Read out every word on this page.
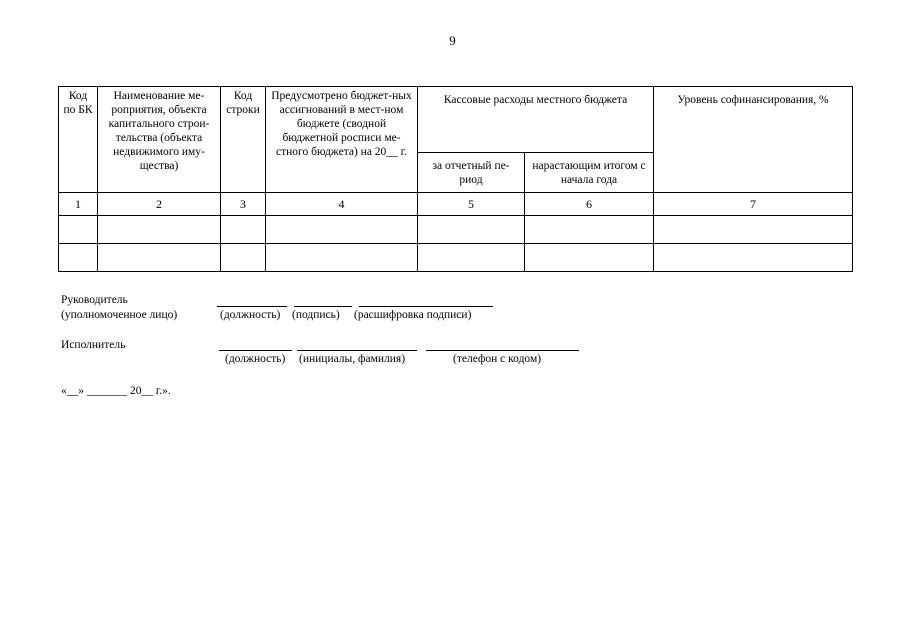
9
Код по БК	Наименование ме-роприятия, объекта капитального строи-тельства (объекта недвижимого иму-щества)	Код строки	Предусмотрено бюджет-ных ассигнований в мест-ном бюджете (сводной бюджетной росписи ме-стного бюджета) на 20__ г.	Кассовые расходы местного бюджета		Уровень софинансирования, %
				за отчетный пе-риод	нарастающим итогом с начала года	
1	2	3	4	5	6	7

Руководитель
(уполномоченное лицо)	(должность) (подпись) (расшифровка подписи)
Исполнитель
(должность) (инициалы, фамилия)	(телефон с кодом)
«__» _______ 20__ г.».
